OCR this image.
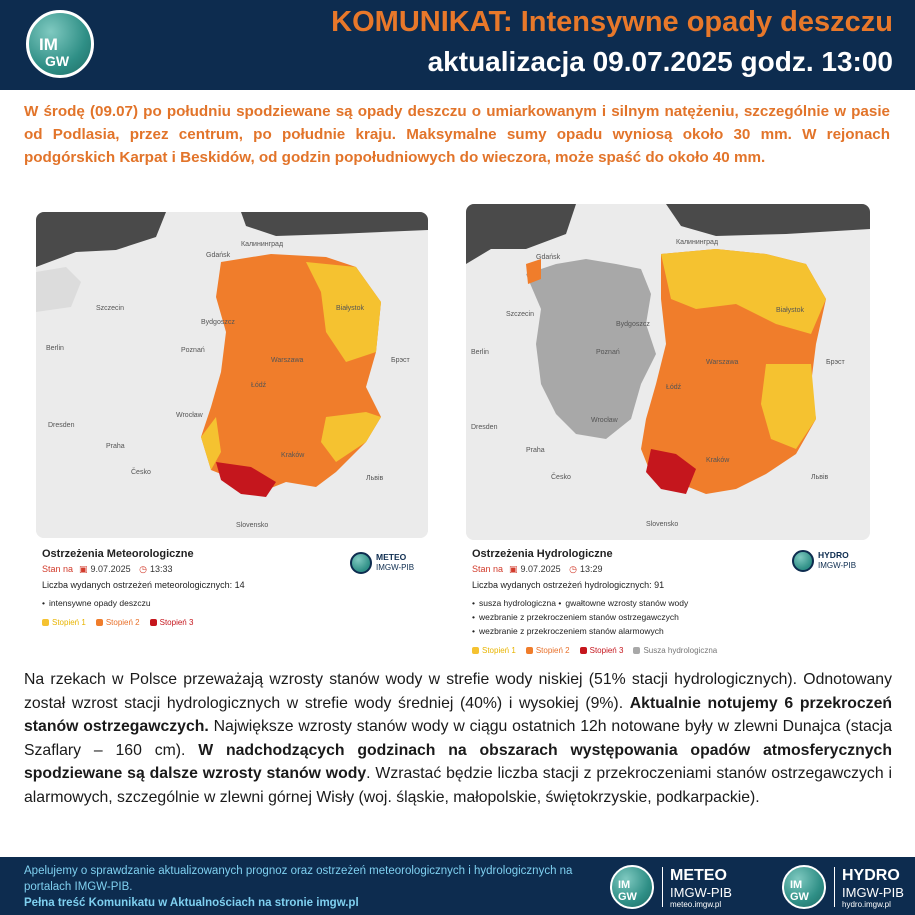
IM
GW
KOMUNIKAT: Intensywne opady deszczu
aktualizacja 09.07.2025 godz. 13:00
W środę (09.07) po południu spodziewane są opady deszczu o umiarkowanym i silnym natężeniu, szczególnie w pasie od Podlasia, przez centrum, po południe kraju. Maksymalne sumy opadu wyniosą około 30 mm. W rejonach podgórskich Karpat i Beskidów, od godzin popołudniowych do wieczora, może spaść do około 40 mm.
Калининград
Gdańsk
Szczecin
Bydgoszcz
Białystok
Berlin	Poznań
Warszawa
Łódź
Брэст
Wrocław
Dresden
Praha
Kraków
Česko
Львів
Slovensko
Ostrzeżenia Meteorologiczne
Stan na ▣ 9.07.2025 ◷ 13:33
Liczba wydanych ostrzeżeń meteorologicznych: 14
• intensywne opady deszczu
Stopień 1	Stopień 2	Stopień 3
METEO
IMGW-PIB
Калининград
Gdańsk
Szczecin
Bydgoszcz
Białystok
Berlin	Poznań
Warszawa
Łódź
Брэст
Wrocław
Dresden
Praha
Kraków
Česko	Львів
Slovensko
Ostrzeżenia Hydrologiczne
Stan na ▣ 9.07.2025 ◷ 13:29
Liczba wydanych ostrzeżeń hydrologicznych: 91
• susza hydrologiczna • gwałtowne wzrosty stanów wody
• wezbranie z przekroczeniem stanów ostrzegawczych
• wezbranie z przekroczeniem stanów alarmowych
Stopień 1	Stopień 2	Stopień 3	Susza hydrologiczna
HYDRO
IMGW-PIB
Na rzekach w Polsce przeważają wzrosty stanów wody w strefie wody niskiej (51% stacji hydrologicznych). Odnotowany został wzrost stacji hydrologicznych w strefie wody średniej (40%) i wysokiej (9%). Aktualnie notujemy 6 przekroczeń stanów ostrzegawczych. Największe wzrosty stanów wody w ciągu ostatnich 12h notowane były w zlewni Dunajca (stacja Szaflary – 160 cm). W nadchodzących godzinach na obszarach występowania opadów atmosferycznych spodziewane są dalsze wzrosty stanów wody. Wzrastać będzie liczba stacji z przekroczeniami stanów ostrzegawczych i alarmowych, szczególnie w zlewni górnej Wisły (woj. śląskie, małopolskie, świętokrzyskie, podkarpackie).
Apelujemy o sprawdzanie aktualizowanych prognoz oraz ostrzeżeń meteorologicznych i hydrologicznych na portalach IMGW-PIB.
Pełna treść Komunikatu w Aktualnościach na stronie imgw.pl
IM GW
METEO
IMGW-PIB
meteo.imgw.pl
IM GW
HYDRO
IMGW-PIB
hydro.imgw.pl
